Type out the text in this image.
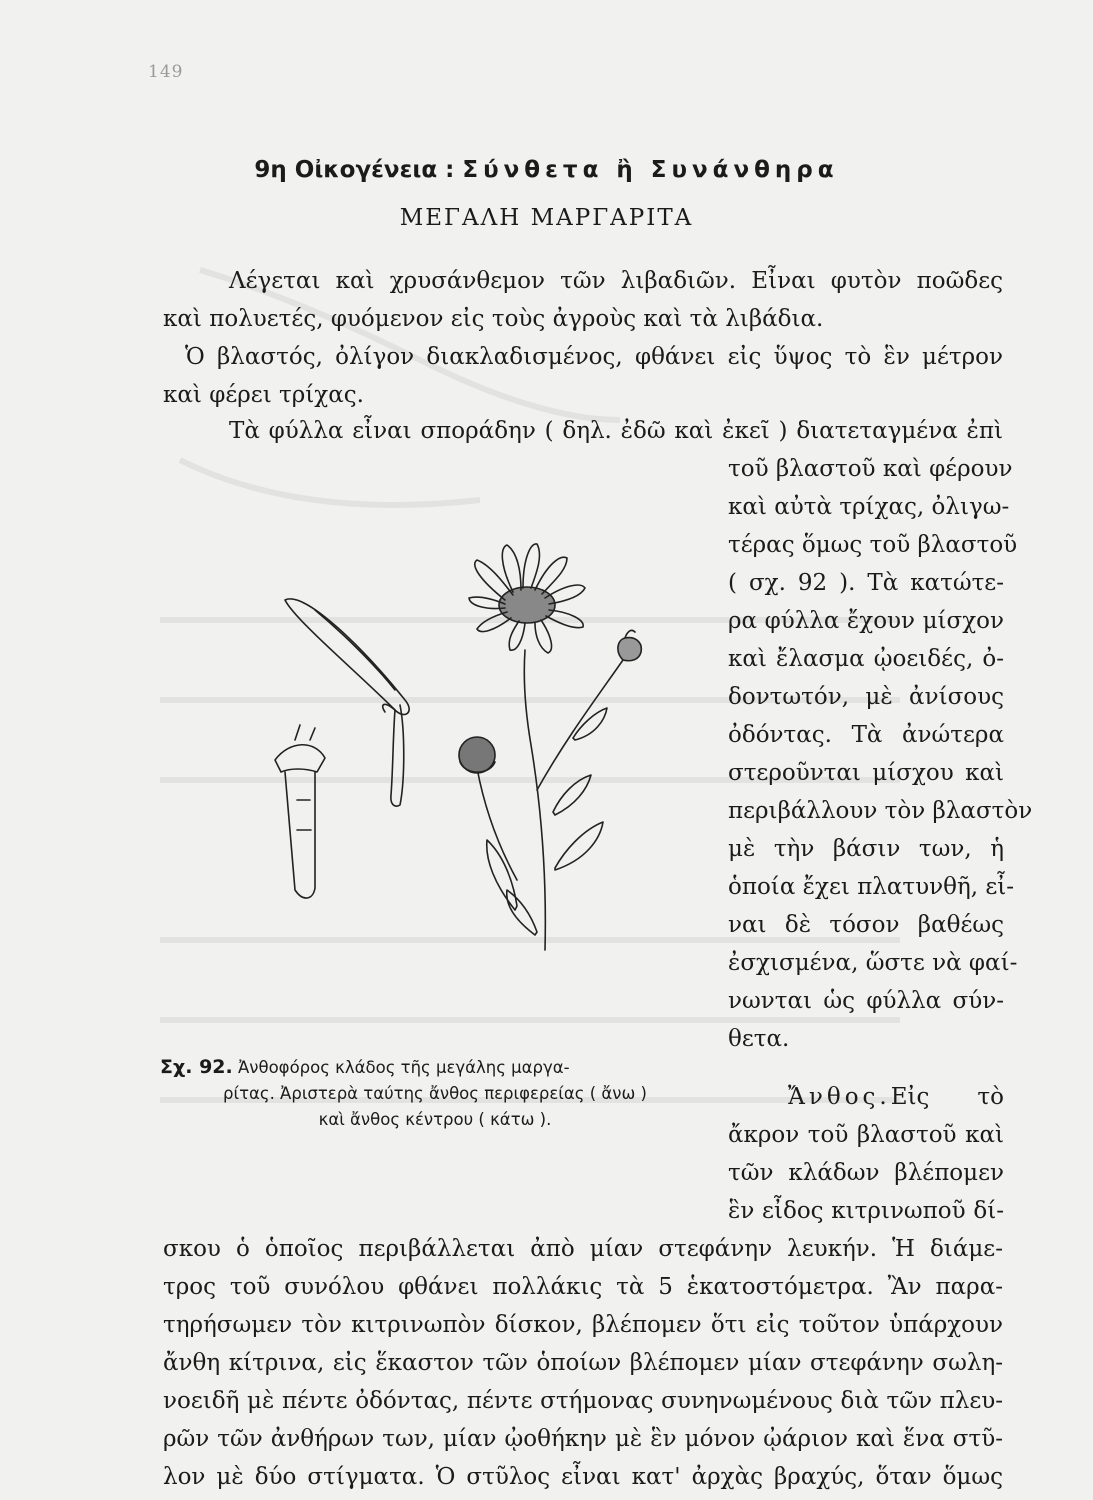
149
9η Οἰκογένεια : Σύνθετα ἢ Συνάνθηρα
ΜΕΓΑΛΗ ΜΑΡΓΑΡΙΤΑ
Λέγεται καὶ χρυσάνθεμον τῶν λιβαδιῶν. Εἶναι φυτὸν ποῶδες
καὶ πολυετές, φυόμενον εἰς τοὺς ἀγροὺς καὶ τὰ λιβάδια.
Ὁ βλαστός, ὀλίγον διακλαδισμένος, φθάνει εἰς ὕψος τὸ ἓν μέτρον
καὶ φέρει τρίχας.
Τὰ φύλλα εἶναι σποράδην ( δηλ. ἐδῶ καὶ ἐκεῖ ) διατεταγμένα ἐπὶ
τοῦ βλαστοῦ καὶ φέρουν
καὶ αὐτὰ τρίχας, ὀλιγω-
τέρας ὅμως τοῦ βλαστοῦ
( σχ. 92 ). Τὰ κατώτε-
ρα φύλλα ἔχουν μίσχον
καὶ ἔλασμα ᾠοειδές, ὀ-
δοντωτόν, μὲ ἀνίσους
ὀδόντας. Τὰ ἀνώτερα
στεροῦνται μίσχου καὶ
περιβάλλουν τὸν βλαστὸν
μὲ τὴν βάσιν των, ἡ
ὁποία ἔχει πλατυνθῆ, εἶ-
ναι δὲ τόσον βαθέως
ἐσχισμένα, ὥστε νὰ φαί-
νωνται ὡς φύλλα σύν-
θετα.
Ἄνθος.Εἰς τὸ
ἄκρον τοῦ βλαστοῦ καὶ
τῶν κλάδων βλέπομεν
ἓν εἶδος κιτρινωποῦ δί-
Σχ. 92. Ἀνθοφόρος κλάδος τῆς μεγάλης μαργα-
ρίτας. Ἀριστερὰ ταύτης ἄνθος περιφερείας ( ἄνω )
καὶ ἄνθος κέντρου ( κάτω ).
σκου ὁ ὁποῖος περιβάλλεται ἀπὸ μίαν στεφάνην λευκήν. Ἡ διάμε-
τρος τοῦ συνόλου φθάνει πολλάκις τὰ 5 ἑκατοστόμετρα. Ἂν παρα-
τηρήσωμεν τὸν κιτρινωπὸν δίσκον, βλέπομεν ὅτι εἰς τοῦτον ὑπάρχουν
ἄνθη κίτρινα, εἰς ἕκαστον τῶν ὁποίων βλέπομεν μίαν στεφάνην σωλη-
νοειδῆ μὲ πέντε ὀδόντας, πέντε στήμονας συνηνωμένους διὰ τῶν πλευ-
ρῶν τῶν ἀνθήρων των, μίαν ᾠοθήκην μὲ ἓν μόνον ᾠάριον καὶ ἕνα στῦ-
λον μὲ δύο στίγματα. Ὁ στῦλος εἶναι κατ' ἀρχὰς βραχύς, ὅταν ὅμως
